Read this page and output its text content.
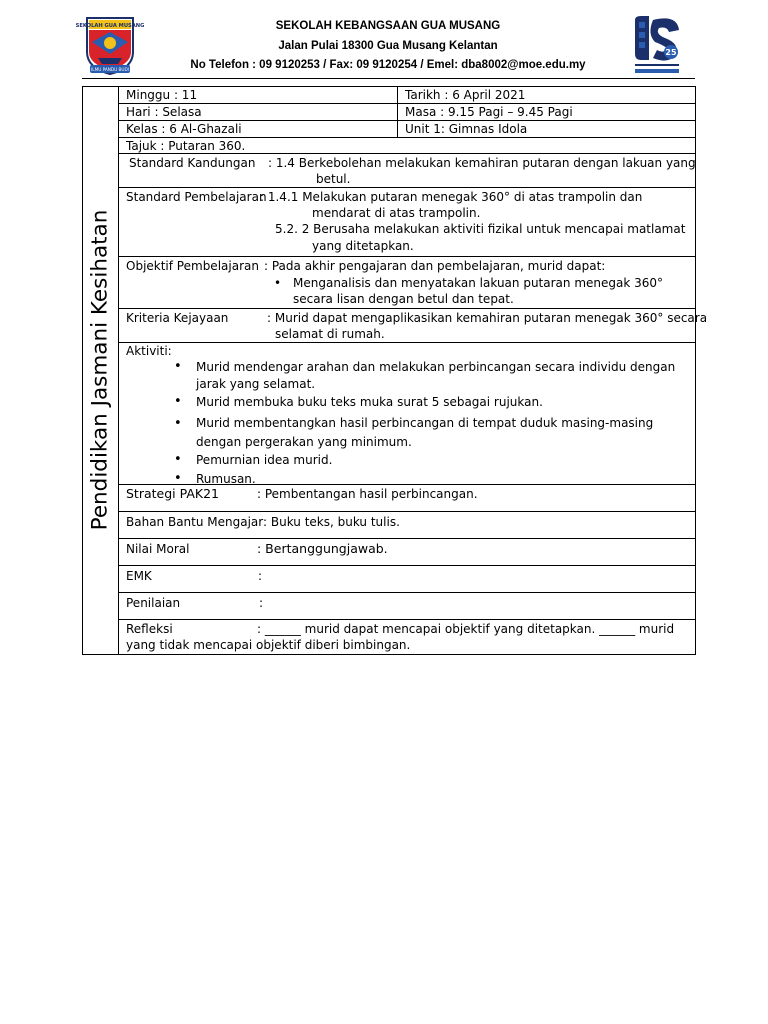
SEKOLAH GUA MUSANG
ILMU PANDU BUDI
SEKOLAH KEBANGSAAN GUA MUSANG
Jalan Pulai 18300 Gua Musang Kelantan
No Telefon : 09 9120253 / Fax: 09 9120254 / Emel: dba8002@moe.edu.my
25
Pendidikan Jasmani Kesihatan
Minggu : 11	Tarikh : 6 April 2021
Hari : Selasa	Masa : 9.15 Pagi – 9.45 Pagi
Kelas : 6 Al-Ghazali	Unit 1: Gimnas Idola
Tajuk : Putaran 360.
Standard Kandungan : 1.4 Berkebolehan melakukan kemahiran putaran dengan lakuan yang
betul.
Standard Pembelajaran
: 1.4.1 Melakukan putaran menegak 360° di atas trampolin dan
mendarat di atas trampolin.
5.2. 2 Berusaha melakukan aktiviti fizikal untuk mencapai matlamat
yang ditetapkan.
Objektif Pembelajaran : Pada akhir pengajaran dan pembelajaran, murid dapat:
• Menganalisis dan menyatakan lakuan putaran menegak 360°
secara lisan dengan betul dan tepat.
Kriteria Kejayaan	: Murid dapat mengaplikasikan kemahiran putaran menegak 360° secara
selamat di rumah.
Aktiviti:
• Murid mendengar arahan dan melakukan perbincangan secara individu dengan jarak yang selamat.
• Murid membuka buku teks muka surat 5 sebagai rujukan.
• Murid membentangkan hasil perbincangan di tempat duduk masing-masing dengan pergerakan yang minimum.
• Pemurnian idea murid.
• Rumusan.
Strategi PAK21	: Pembentangan hasil perbincangan.
Bahan Bantu Mengajar: Buku teks, buku tulis.
Nilai Moral	: Bertanggungjawab.
EMK	:
Penilaian	:
Refleksi	: ______ murid dapat mencapai objektif yang ditetapkan. ______ murid
yang tidak mencapai objektif diberi bimbingan.
